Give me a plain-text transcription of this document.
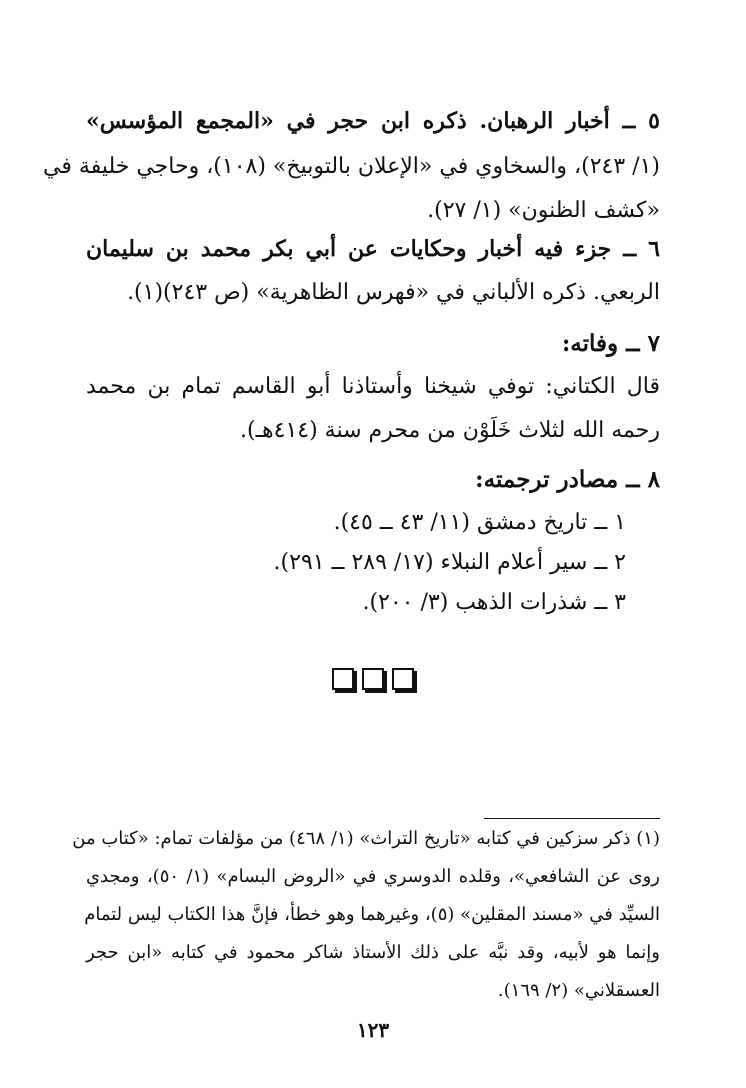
٥ ــ أخبار الرهبان. ذكره ابن حجر في «المجمع المؤسس»
(١/ ٢٤٣)، والسخاوي في «الإعلان بالتوبيخ» (١٠٨)، وحاجي خليفة في
«كشف الظنون» (١/ ٢٧).
٦ ــ جزء فيه أخبار وحكايات عن أبي بكر محمد بن سليمان
الربعي. ذكره الألباني في «فهرس الظاهرية» (ص ٢٤٣)(١).
٧ ــ وفاته:
قال الكتاني: توفي شيخنا وأستاذنا أبو القاسم تمام بن محمد
رحمه الله لثلاث خَلَوْن من محرم سنة (٤١٤هـ).
٨ ــ مصادر ترجمته:
١ ــ تاريخ دمشق (١١/ ٤٣ ــ ٤٥).
٢ ــ سير أعلام النبلاء (١٧/ ٢٨٩ ــ ٢٩١).
٣ ــ شذرات الذهب (٣/ ٢٠٠).
(١) ذكر سزكين في كتابه «تاريخ التراث» (١/ ٤٦٨) من مؤلفات تمام: «كتاب من
روى عن الشافعي»، وقلده الدوسري في «الروض البسام» (١/ ٥٠)، ومجدي
السيِّد في «مسند المقلين» (٥)، وغيرهما وهو خطأ، فإنَّ هذا الكتاب ليس لتمام
وإنما هو لأبيه، وقد نبَّه على ذلك الأستاذ شاكر محمود في كتابه «ابن حجر
العسقلاني» (٢/ ١٦٩).
١٢٣
